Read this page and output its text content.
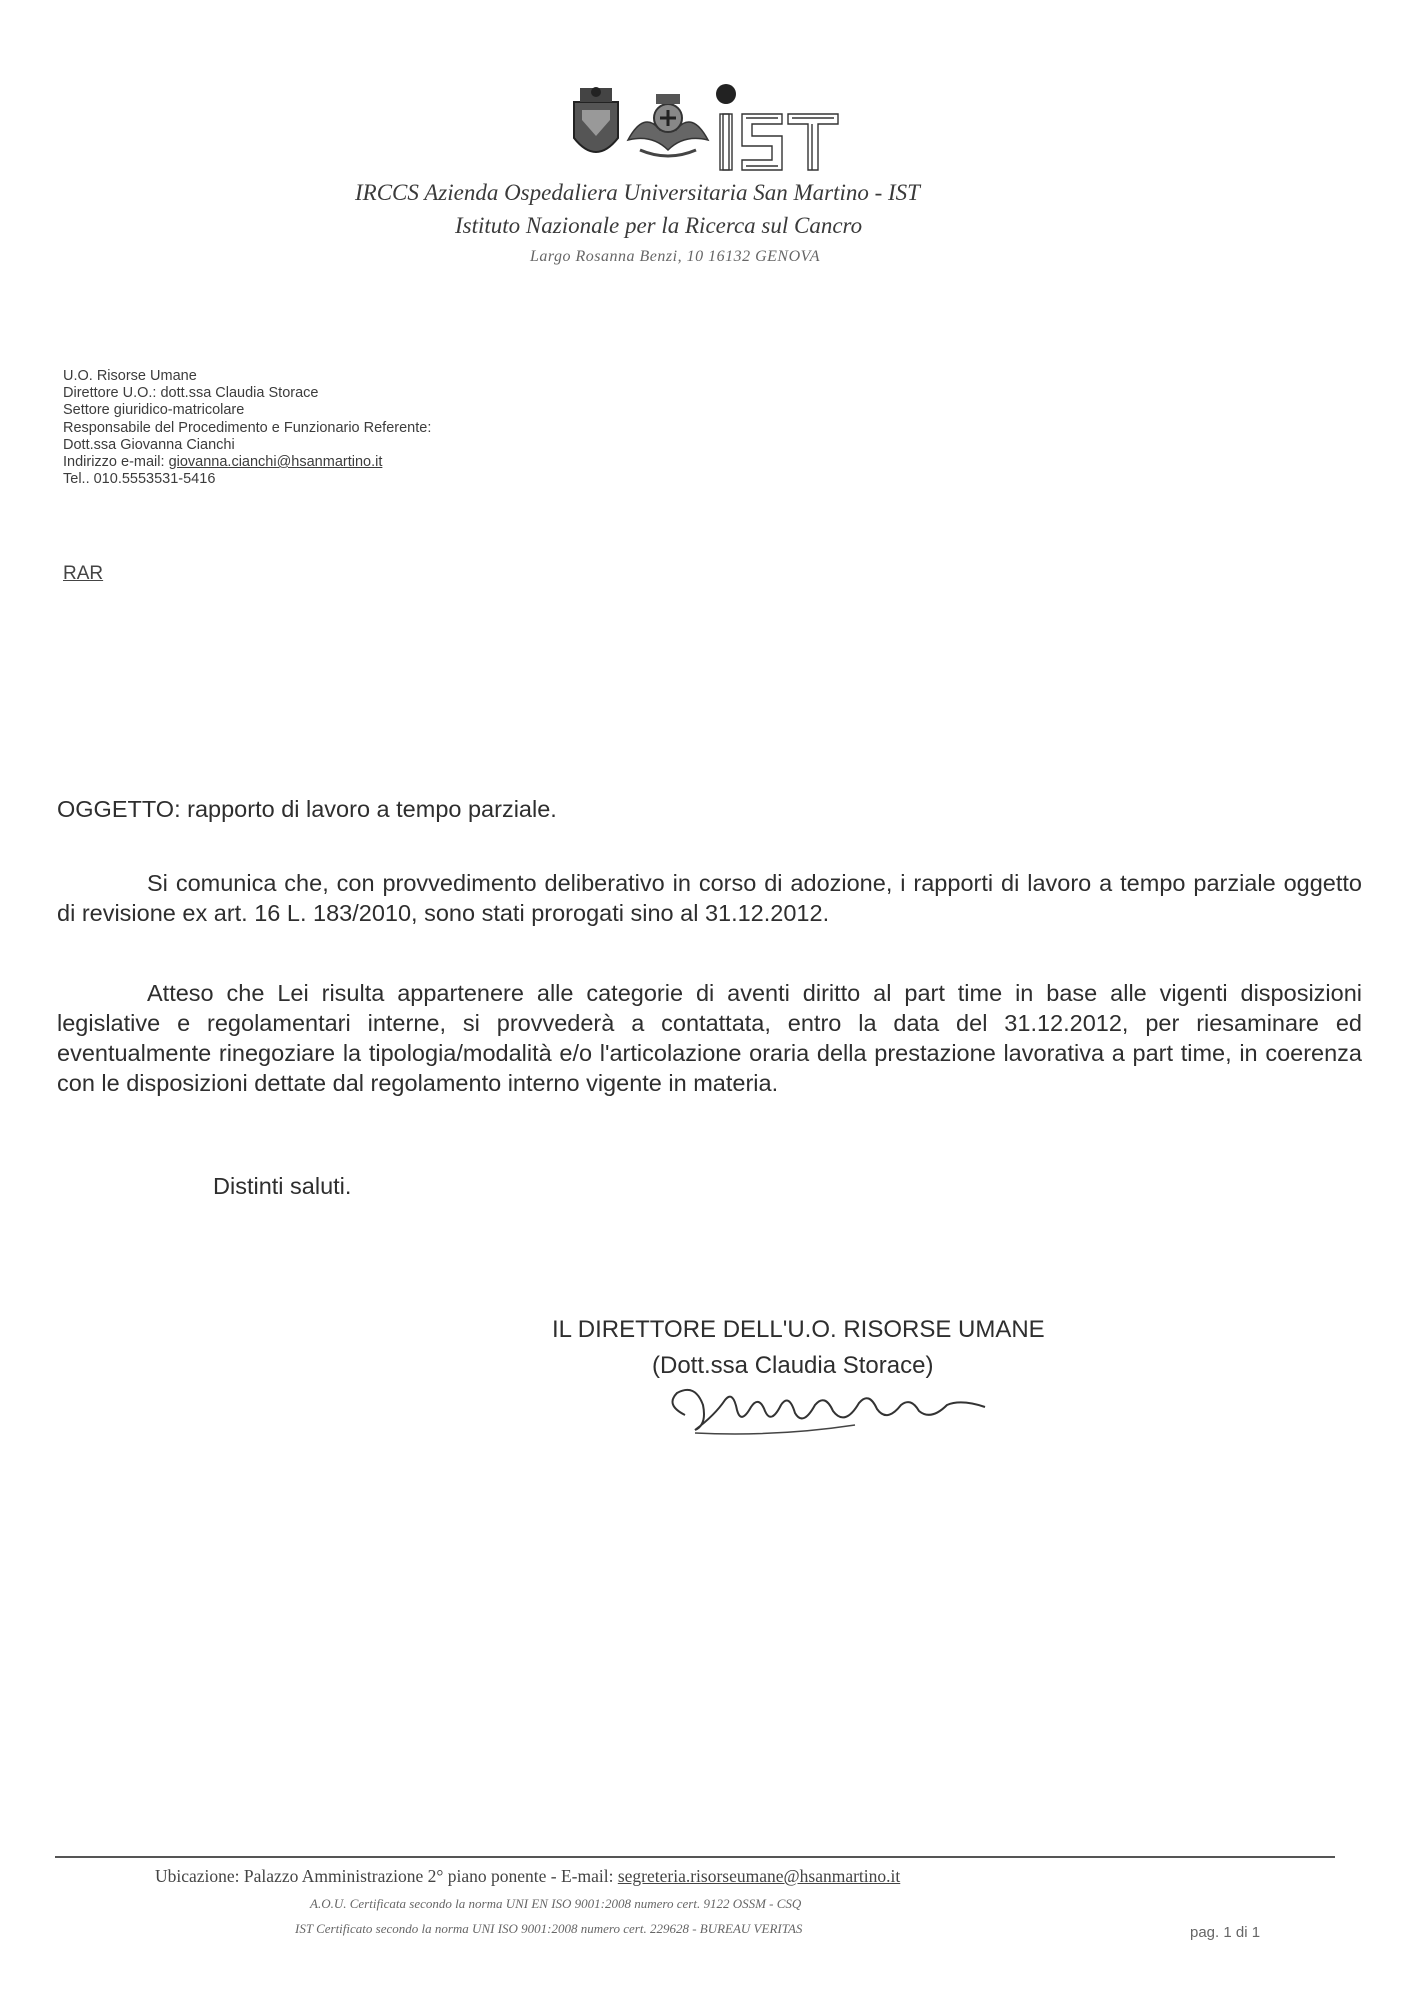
IST
IRCCS Azienda Ospedaliera Universitaria San Martino - IST
Istituto Nazionale per la Ricerca sul Cancro
Largo Rosanna Benzi, 10 16132 GENOVA
U.O. Risorse Umane
Direttore U.O.: dott.ssa Claudia Storace
Settore giuridico-matricolare
Responsabile del Procedimento e Funzionario Referente:
Dott.ssa Giovanna Cianchi
Indirizzo e-mail: giovanna.cianchi@hsanmartino.it
Tel.. 010.5553531-5416
RAR
OGGETTO: rapporto di lavoro a tempo parziale.
Si comunica che, con provvedimento deliberativo in corso di adozione, i rapporti di lavoro a tempo parziale oggetto di revisione ex art. 16 L. 183/2010, sono stati prorogati sino al 31.12.2012.
Atteso che Lei risulta appartenere alle categorie di aventi diritto al part time in base alle vigenti disposizioni legislative e regolamentari interne, si provvederà a contattata, entro la data del 31.12.2012, per riesaminare ed eventualmente rinegoziare la tipologia/modalità e/o l'articolazione oraria della prestazione lavorativa a part time, in coerenza con le disposizioni dettate dal regolamento interno vigente in materia.
Distinti saluti.
IL DIRETTORE DELL'U.O. RISORSE UMANE
(Dott.ssa Claudia Storace)
Ubicazione: Palazzo Amministrazione 2° piano ponente - E-mail: segreteria.risorseumane@hsanmartino.it
A.O.U. Certificata secondo la norma UNI EN ISO 9001:2008 numero cert. 9122 OSSM - CSQ
IST Certificato secondo la norma UNI ISO 9001:2008 numero cert. 229628 - BUREAU VERITAS	pag. 1 di 1
